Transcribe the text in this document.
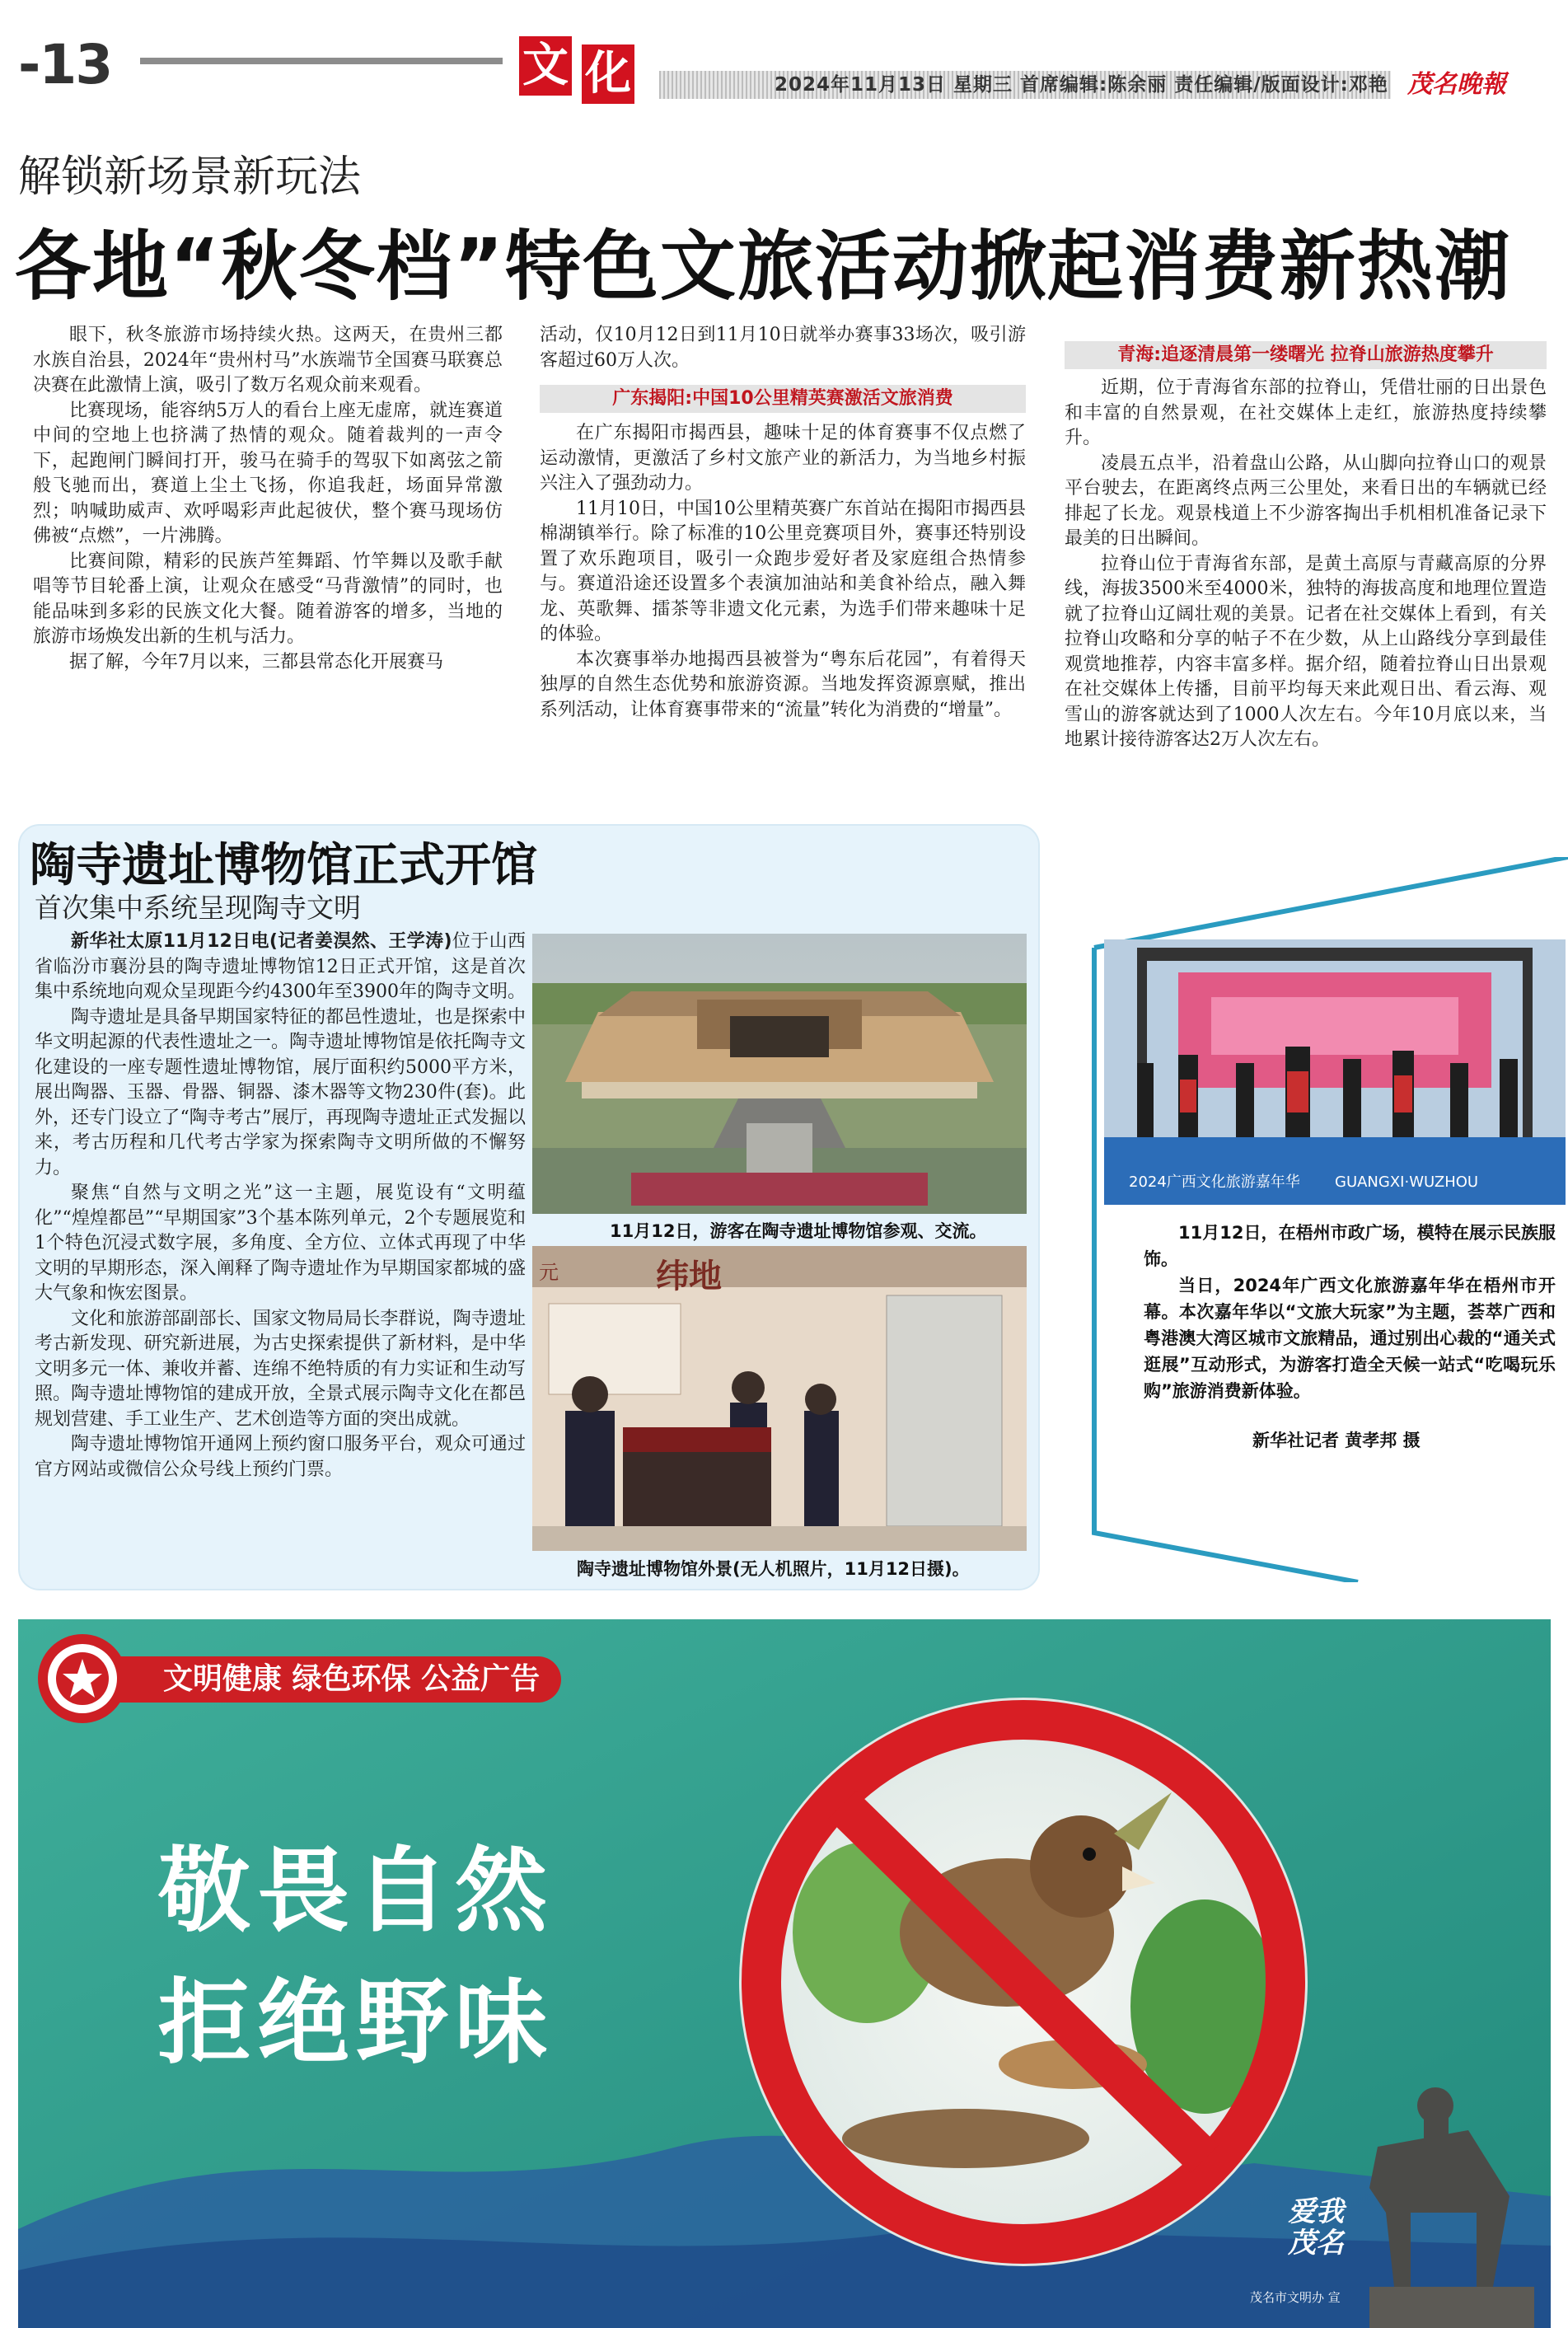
-13	文 化	2024年11月13日 星期三 首席编辑:陈余丽 责任编辑/版面设计:邓艳 茂名晚報
解锁新场景新玩法
各地“秋冬档”特色文旅活动掀起消费新热潮

眼下，秋冬旅游市场持续火热。这两天，在贵州三都水族自治县，2024年“贵州村马”水族端节全国赛马联赛总决赛在此激情上演，吸引了数万名观众前来观看。

比赛现场，能容纳5万人的看台上座无虚席，就连赛道中间的空地上也挤满了热情的观众。随着裁判的一声令下，起跑闸门瞬间打开，骏马在骑手的驾驭下如离弦之箭般飞驰而出，赛道上尘土飞扬，你追我赶，场面异常激烈；呐喊助威声、欢呼喝彩声此起彼伏，整个赛马现场仿佛被“点燃”，一片沸腾。

比赛间隙，精彩的民族芦笙舞蹈、竹竿舞以及歌手献唱等节目轮番上演，让观众在感受“马背激情”的同时，也能品味到多彩的民族文化大餐。随着游客的增多，当地的旅游市场焕发出新的生机与活力。

据了解，今年7月以来，三都县常态化开展赛马

活动，仅10月12日到11月10日就举办赛事33场次，吸引游客超过60万人次。
广东揭阳:中国10公里精英赛激活文旅消费

在广东揭阳市揭西县，趣味十足的体育赛事不仅点燃了运动激情，更激活了乡村文旅产业的新活力，为当地乡村振兴注入了强劲动力。

11月10日，中国10公里精英赛广东首站在揭阳市揭西县棉湖镇举行。除了标准的10公里竞赛项目外，赛事还特别设置了欢乐跑项目，吸引一众跑步爱好者及家庭组合热情参与。赛道沿途还设置多个表演加油站和美食补给点，融入舞龙、英歌舞、擂茶等非遗文化元素，为选手们带来趣味十足的体验。

本次赛事举办地揭西县被誉为“粤东后花园”，有着得天独厚的自然生态优势和旅游资源。当地发挥资源禀赋，推出系列活动，让体育赛事带来的“流量”转化为消费的“增量”。

青海:追逐清晨第一缕曙光 拉脊山旅游热度攀升

近期，位于青海省东部的拉脊山，凭借壮丽的日出景色和丰富的自然景观，在社交媒体上走红，旅游热度持续攀升。

凌晨五点半，沿着盘山公路，从山脚向拉脊山口的观景平台驶去，在距离终点两三公里处，来看日出的车辆就已经排起了长龙。观景栈道上不少游客掏出手机相机准备记录下最美的日出瞬间。

拉脊山位于青海省东部，是黄土高原与青藏高原的分界线，海拔3500米至4000米，独特的海拔高度和地理位置造就了拉脊山辽阔壮观的美景。记者在社交媒体上看到，有关拉脊山攻略和分享的帖子不在少数，从上山路线分享到最佳观赏地推荐，内容丰富多样。据介绍，随着拉脊山日出景观在社交媒体上传播，目前平均每天来此观日出、看云海、观雪山的游客就达到了1000人次左右。今年10月底以来，当地累计接待游客达2万人次左右。

陶寺遗址博物馆正式开馆
首次集中系统呈现陶寺文明

新华社太原11月12日电(记者姜淏然、王学涛)位于山西省临汾市襄汾县的陶寺遗址博物馆12日正式开馆，这是首次集中系统地向观众呈现距今约4300年至3900年的陶寺文明。

陶寺遗址是具备早期国家特征的都邑性遗址，也是探索中华文明起源的代表性遗址之一。陶寺遗址博物馆是依托陶寺文化建设的一座专题性遗址博物馆，展厅面积约5000平方米，展出陶器、玉器、骨器、铜器、漆木器等文物230件(套)。此外，还专门设立了“陶寺考古”展厅，再现陶寺遗址正式发掘以来，考古历程和几代考古学家为探索陶寺文明所做的不懈努力。

聚焦“自然与文明之光”这一主题，展览设有“文明蕴化”“煌煌都邑”“早期国家”3个基本陈列单元，2个专题展览和1个特色沉浸式数字展，多角度、全方位、立体式再现了中华文明的早期形态，深入阐释了陶寺遗址作为早期国家都城的盛大气象和恢宏图景。

文化和旅游部副部长、国家文物局局长李群说，陶寺遗址考古新发现、研究新进展，为古史探索提供了新材料，是中华文明多元一体、兼收并蓄、连绵不绝特质的有力实证和生动写照。陶寺遗址博物馆的建成开放，全景式展示陶寺文化在都邑规划营建、手工业生产、艺术创造等方面的突出成就。

陶寺遗址博物馆开通网上预约窗口服务平台，观众可通过官方网站或微信公众号线上预约门票。

11月12日，游客在陶寺遗址博物馆参观、交流。
纬地
元
陶寺遗址博物馆外景(无人机照片，11月12日摄)。
2024广西文化旅游嘉年华 GUANGXI·WUZHOU

11月12日，在梧州市政广场，模特在展示民族服饰。

当日，2024年广西文化旅游嘉年华在梧州市开幕。本次嘉年华以“文旅大玩家”为主题，荟萃广西和粤港澳大湾区城市文旅精品，通过别出心裁的“通关式逛展”互动形式，为游客打造全天候一站式“吃喝玩乐购”旅游消费新体验。

新华社记者 黄孝邦 摄
文明健康 绿色环保 公益广告
敬畏自然
拒绝野味
爱我
茂名
茂名市文明办 宣
